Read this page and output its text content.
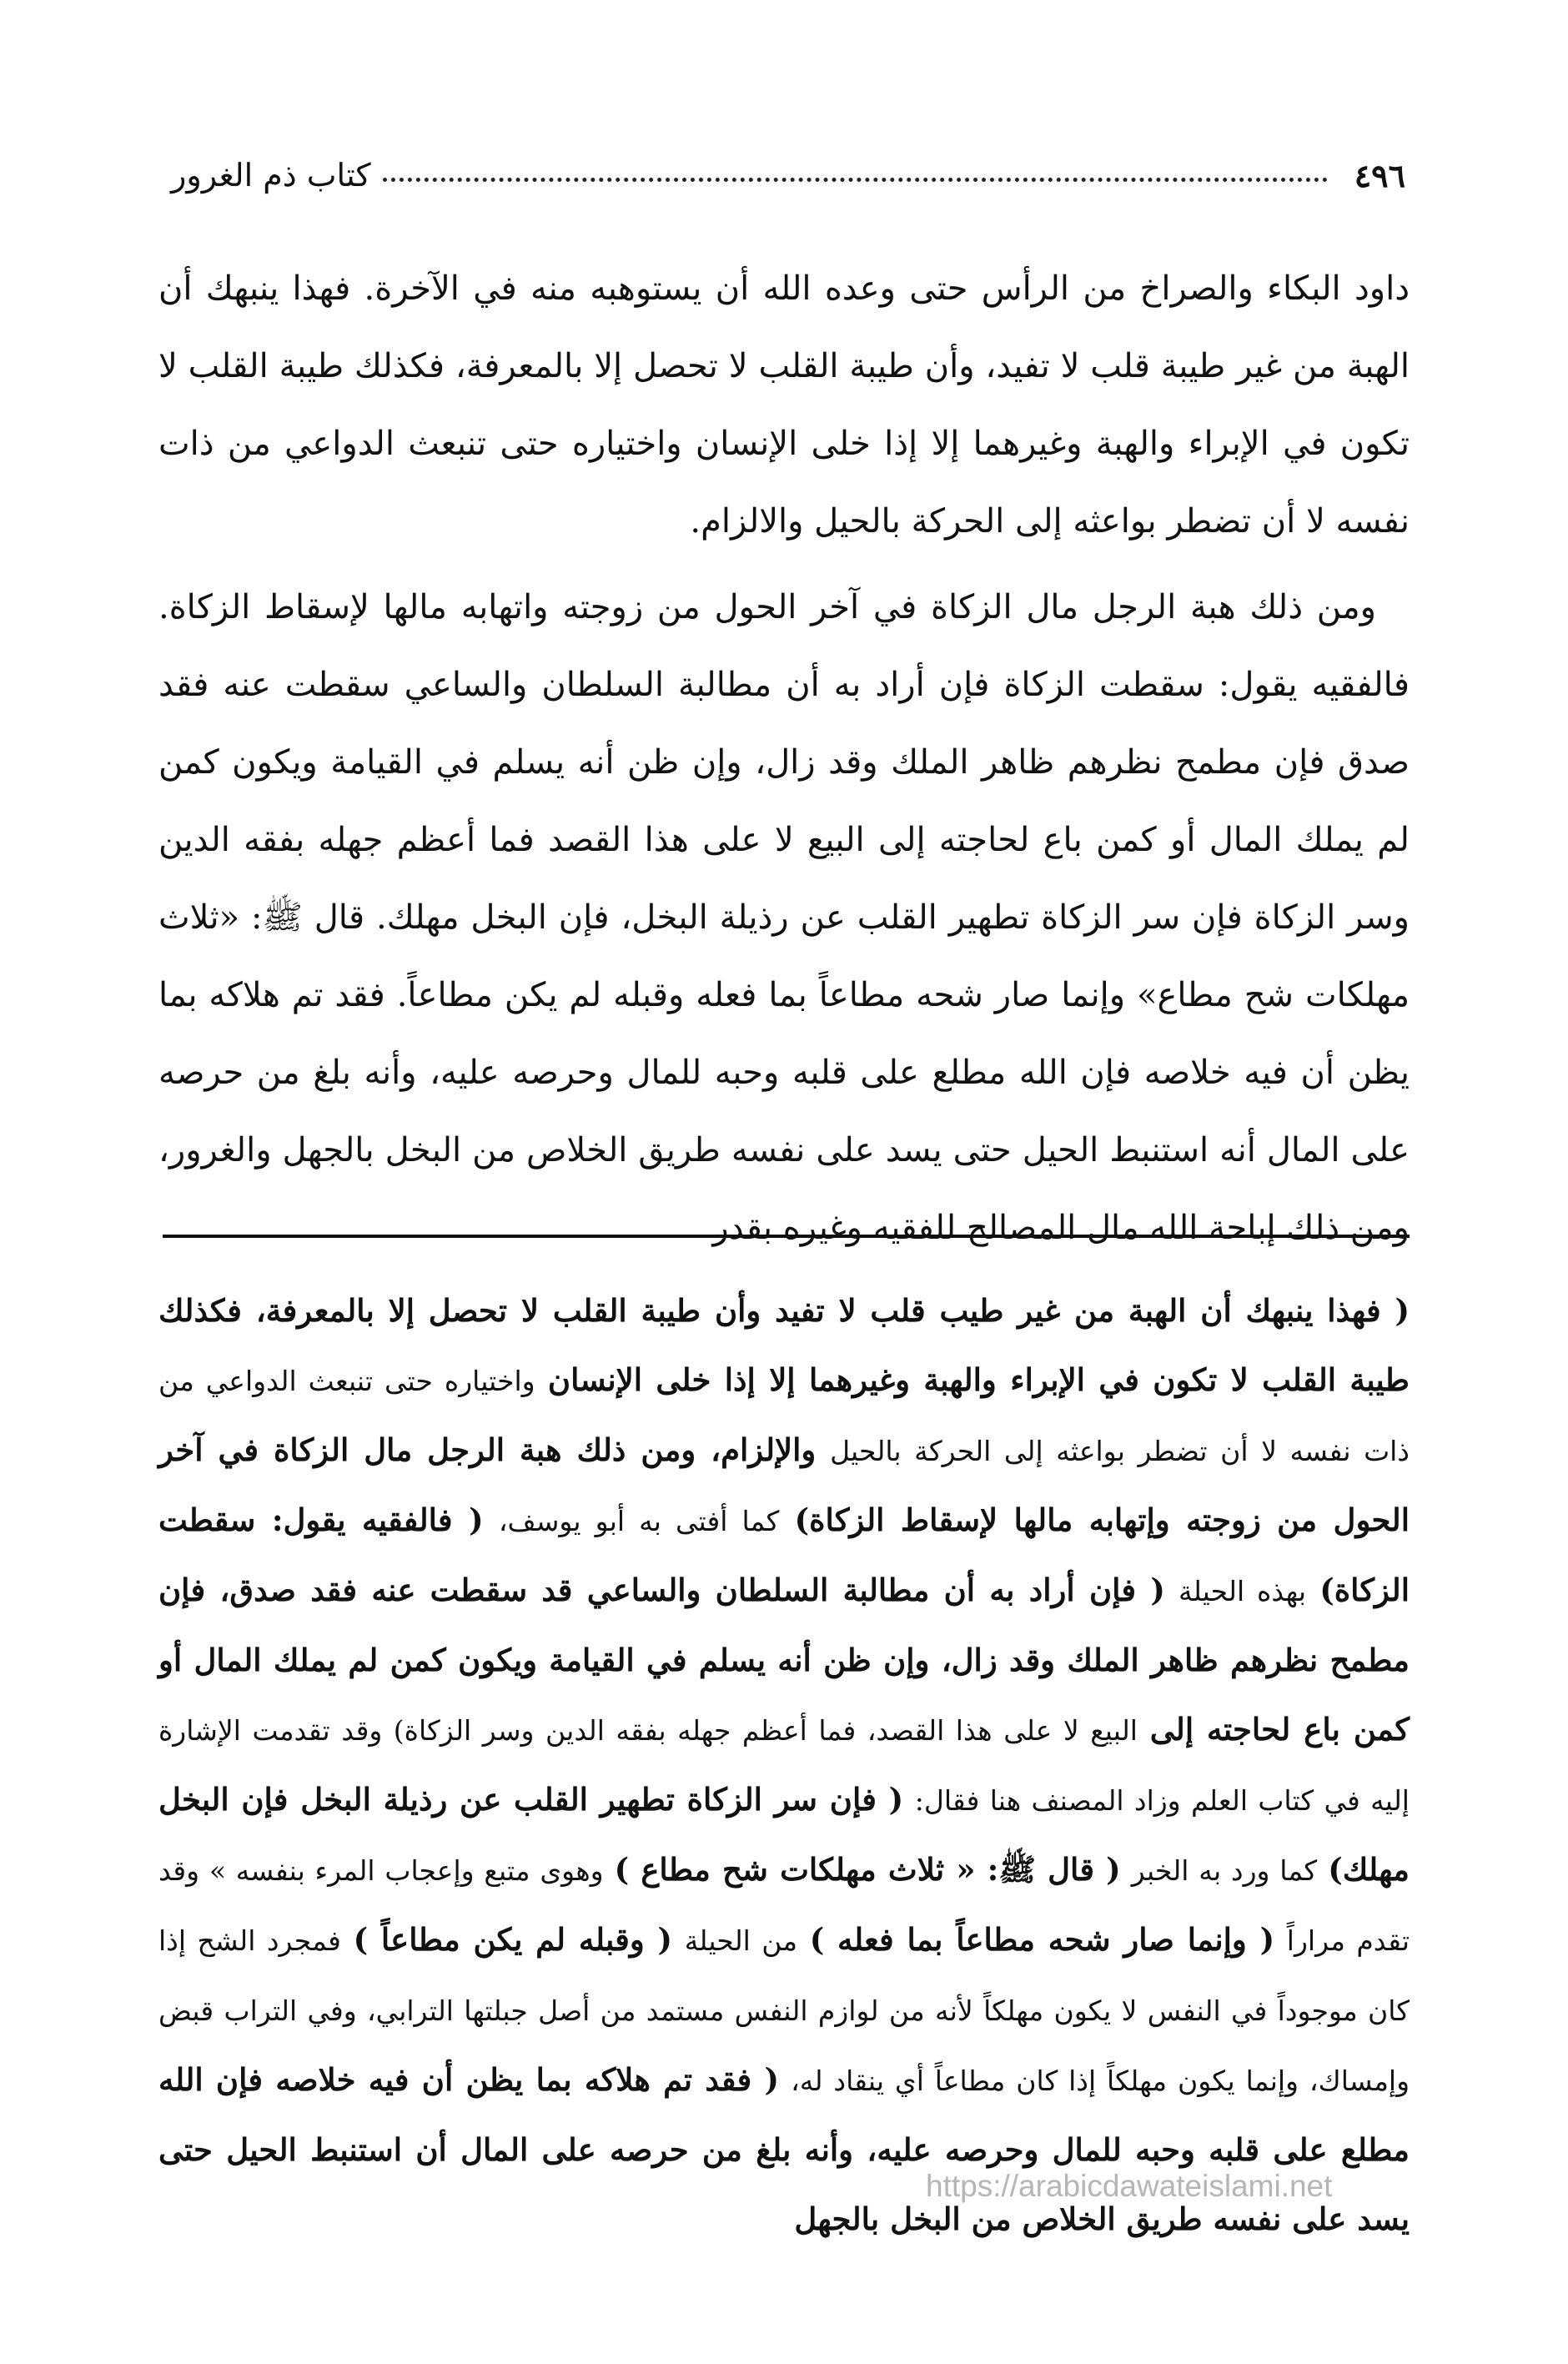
٤٩٦
كتاب ذم الغرور

داود البكاء والصراخ من الرأس حتى وعده الله أن يستوهبه منه في الآخرة. فهذا ينبهك أن الهبة من غير طيبة قلب لا تفيد، وأن طيبة القلب لا تحصل إلا بالمعرفة، فكذلك طيبة القلب لا تكون في الإبراء والهبة وغيرهما إلا إذا خلى الإنسان واختياره حتى تنبعث الدواعي من ذات نفسه لا أن تضطر بواعثه إلى الحركة بالحيل والالزام.

ومن ذلك هبة الرجل مال الزكاة في آخر الحول من زوجته واتهابه مالها لإسقاط الزكاة. فالفقيه يقول: سقطت الزكاة فإن أراد به أن مطالبة السلطان والساعي سقطت عنه فقد صدق فإن مطمح نظرهم ظاهر الملك وقد زال، وإن ظن أنه يسلم في القيامة ويكون كمن لم يملك المال أو كمن باع لحاجته إلى البيع لا على هذا القصد فما أعظم جهله بفقه الدين وسر الزكاة فإن سر الزكاة تطهير القلب عن رذيلة البخل، فإن البخل مهلك. قال ﷺ: «ثلاث مهلكات شح مطاع» وإنما صار شحه مطاعاً بما فعله وقبله لم يكن مطاعاً. فقد تم هلاكه بما يظن أن فيه خلاصه فإن الله مطلع على قلبه وحبه للمال وحرصه عليه، وأنه بلغ من حرصه على المال أنه استنبط الحيل حتى يسد على نفسه طريق الخلاص من البخل بالجهل والغرور، ومن ذلك إباحة الله مال المصالح للفقيه وغيره بقدر

( فهذا ينبهك أن الهبة من غير طيب قلب لا تفيد وأن طيبة القلب لا تحصل إلا بالمعرفة، فكذلك طيبة القلب لا تكون في الإبراء والهبة وغيرهما إلا إذا خلى الإنسان واختياره حتى تنبعث الدواعي من ذات نفسه لا أن تضطر بواعثه إلى الحركة بالحيل والإلزام، ومن ذلك هبة الرجل مال الزكاة في آخر الحول من زوجته وإتهابه مالها لإسقاط الزكاة) كما أفتى به أبو يوسف، ( فالفقيه يقول: سقطت الزكاة) بهذه الحيلة ( فإن أراد به أن مطالبة السلطان والساعي قد سقطت عنه فقد صدق، فإن مطمح نظرهم ظاهر الملك وقد زال، وإن ظن أنه يسلم في القيامة ويكون كمن لم يملك المال أو كمن باع لحاجته إلى البيع لا على هذا القصد، فما أعظم جهله بفقه الدين وسر الزكاة) وقد تقدمت الإشارة إليه في كتاب العلم وزاد المصنف هنا فقال: ( فإن سر الزكاة تطهير القلب عن رذيلة البخل فإن البخل مهلك) كما ورد به الخبر ( قال ﷺ: « ثلاث مهلكات شح مطاع ) وهوى متبع وإعجاب المرء بنفسه » وقد تقدم مراراً ( وإنما صار شحه مطاعاً بما فعله ) من الحيلة ( وقبله لم يكن مطاعاً ) فمجرد الشح إذا كان موجوداً في النفس لا يكون مهلكاً لأنه من لوازم النفس مستمد من أصل جبلتها الترابي، وفي التراب قبض وإمساك، وإنما يكون مهلكاً إذا كان مطاعاً أي ينقاد له، ( فقد تم هلاكه بما يظن أن فيه خلاصه فإن الله مطلع على قلبه وحبه للمال وحرصه عليه، وأنه بلغ من حرصه على المال أن استنبط الحيل حتى يسد على نفسه طريق الخلاص من البخل بالجهل

https://arabicdawateislami.net
